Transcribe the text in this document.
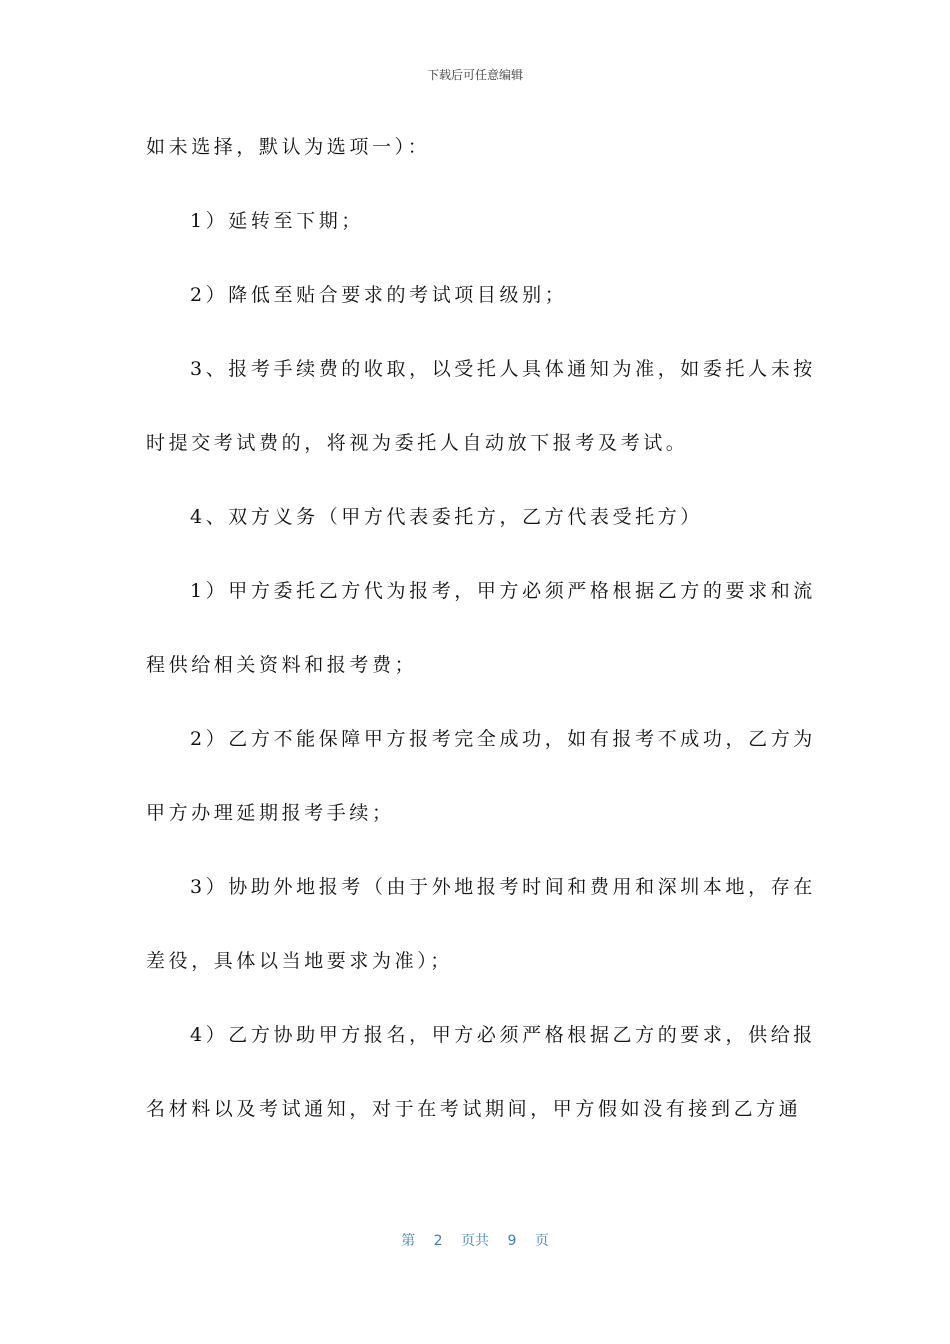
下载后可任意编辑
如未选择，默认为选项一）：
1）延转至下期；
2）降低至贴合要求的考试项目级别；
3、报考手续费的收取，以受托人具体通知为准，如委托人未按
时提交考试费的，将视为委托人自动放下报考及考试。
4、双方义务（甲方代表委托方，乙方代表受托方）
1）甲方委托乙方代为报考，甲方必须严格根据乙方的要求和流
程供给相关资料和报考费；
2）乙方不能保障甲方报考完全成功，如有报考不成功，乙方为
甲方办理延期报考手续；
3）协助外地报考（由于外地报考时间和费用和深圳本地，存在
差役，具体以当地要求为准）；
4）乙方协助甲方报名，甲方必须严格根据乙方的要求，供给报
名材料以及考试通知，对于在考试期间，甲方假如没有接到乙方通
第 2 页共 9 页
